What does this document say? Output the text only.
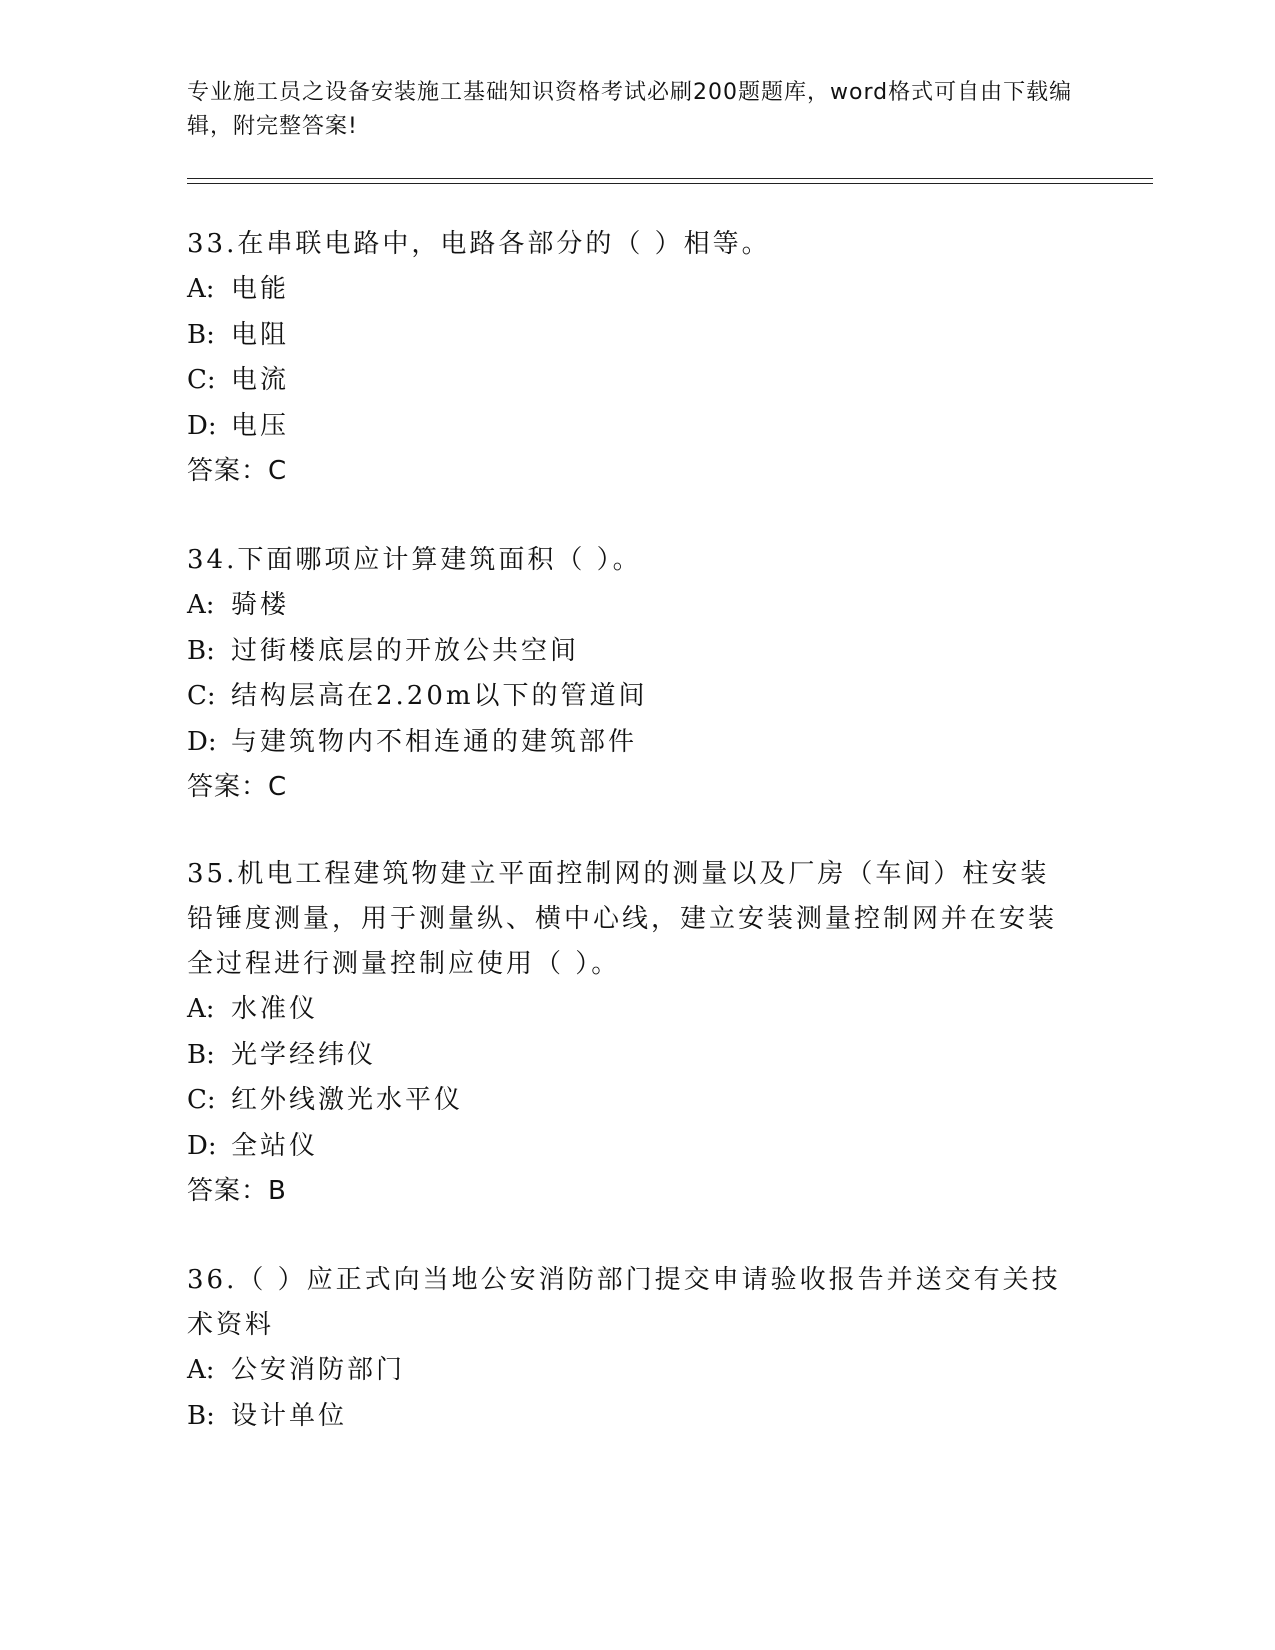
专业施工员之设备安装施工基础知识资格考试必刷200题题库，word格式可自由下载编辑，附完整答案!
33.在串联电路中，电路各部分的（ ）相等。
A: 电能
B: 电阻
C: 电流
D: 电压
答案：C
34.下面哪项应计算建筑面积（ ）。
A: 骑楼
B: 过街楼底层的开放公共空间
C: 结构层高在2.20m以下的管道间
D: 与建筑物内不相连通的建筑部件
答案：C
35.机电工程建筑物建立平面控制网的测量以及厂房（车间）柱安装铅锤度测量，用于测量纵、横中心线，建立安装测量控制网并在安装全过程进行测量控制应使用（ ）。
A: 水准仪
B: 光学经纬仪
C: 红外线激光水平仪
D: 全站仪
答案：B
36.（ ）应正式向当地公安消防部门提交申请验收报告并送交有关技术资料
A: 公安消防部门
B: 设计单位
